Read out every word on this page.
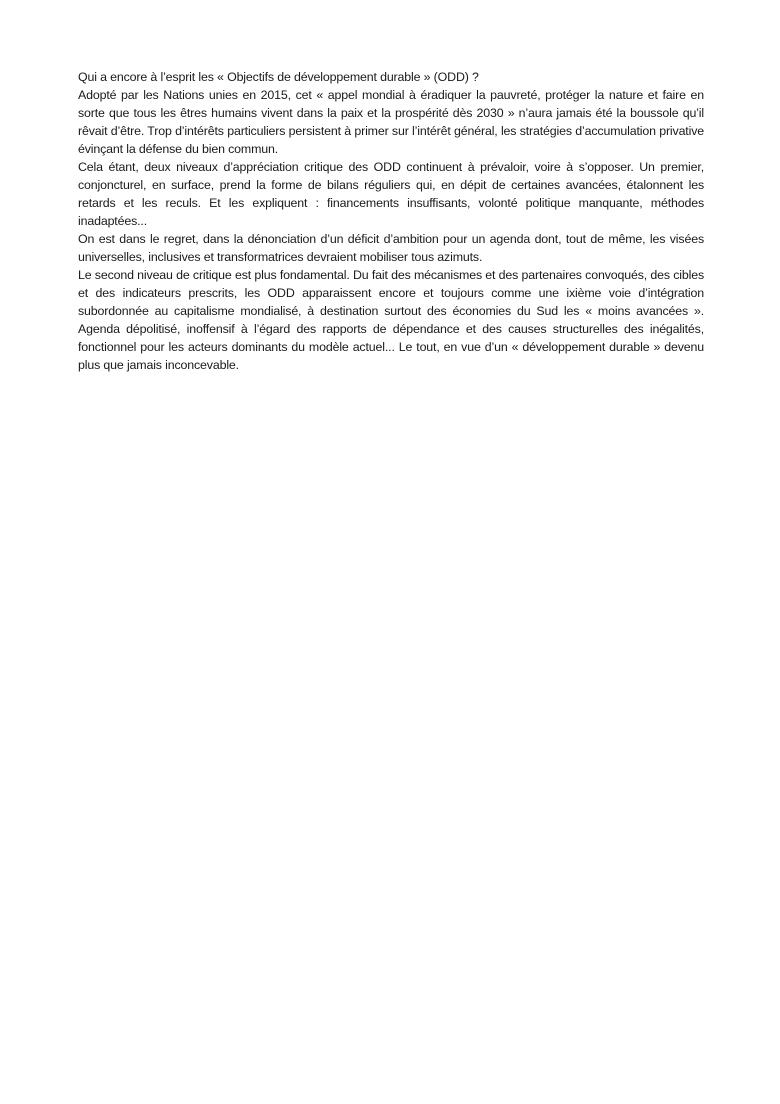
Qui a encore à l’esprit les « Objectifs de développement durable » (ODD) ?

Adopté par les Nations unies en 2015, cet « appel mondial à éradiquer la pauvreté, protéger la nature et faire en sorte que tous les êtres humains vivent dans la paix et la prospérité dès 2030 » n’aura jamais été la boussole qu’il rêvait d’être. Trop d’intérêts particuliers persistent à primer sur l’intérêt général, les stratégies d’accumulation privative évinçant la défense du bien commun.

Cela étant, deux niveaux d’appréciation critique des ODD continuent à prévaloir, voire à s’opposer. Un premier, conjoncturel, en surface, prend la forme de bilans réguliers qui, en dépit de certaines avancées, étalonnent les retards et les reculs. Et les expliquent : financements insuffisants, volonté politique manquante, méthodes inadaptées...

On est dans le regret, dans la dénonciation d’un déficit d’ambition pour un agenda dont, tout de même, les visées universelles, inclusives et transformatrices devraient mobiliser tous azimuts.

Le second niveau de critique est plus fondamental. Du fait des mécanismes et des partenaires convoqués, des cibles et des indicateurs prescrits, les ODD apparaissent encore et toujours comme une ixième voie d’intégration subordonnée au capitalisme mondialisé, à destination surtout des économies du Sud les « moins avancées ». Agenda dépolitisé, inoffensif à l’égard des rapports de dépendance et des causes structurelles des inégalités, fonctionnel pour les acteurs dominants du modèle actuel... Le tout, en vue d’un « développement durable » devenu plus que jamais inconcevable.
